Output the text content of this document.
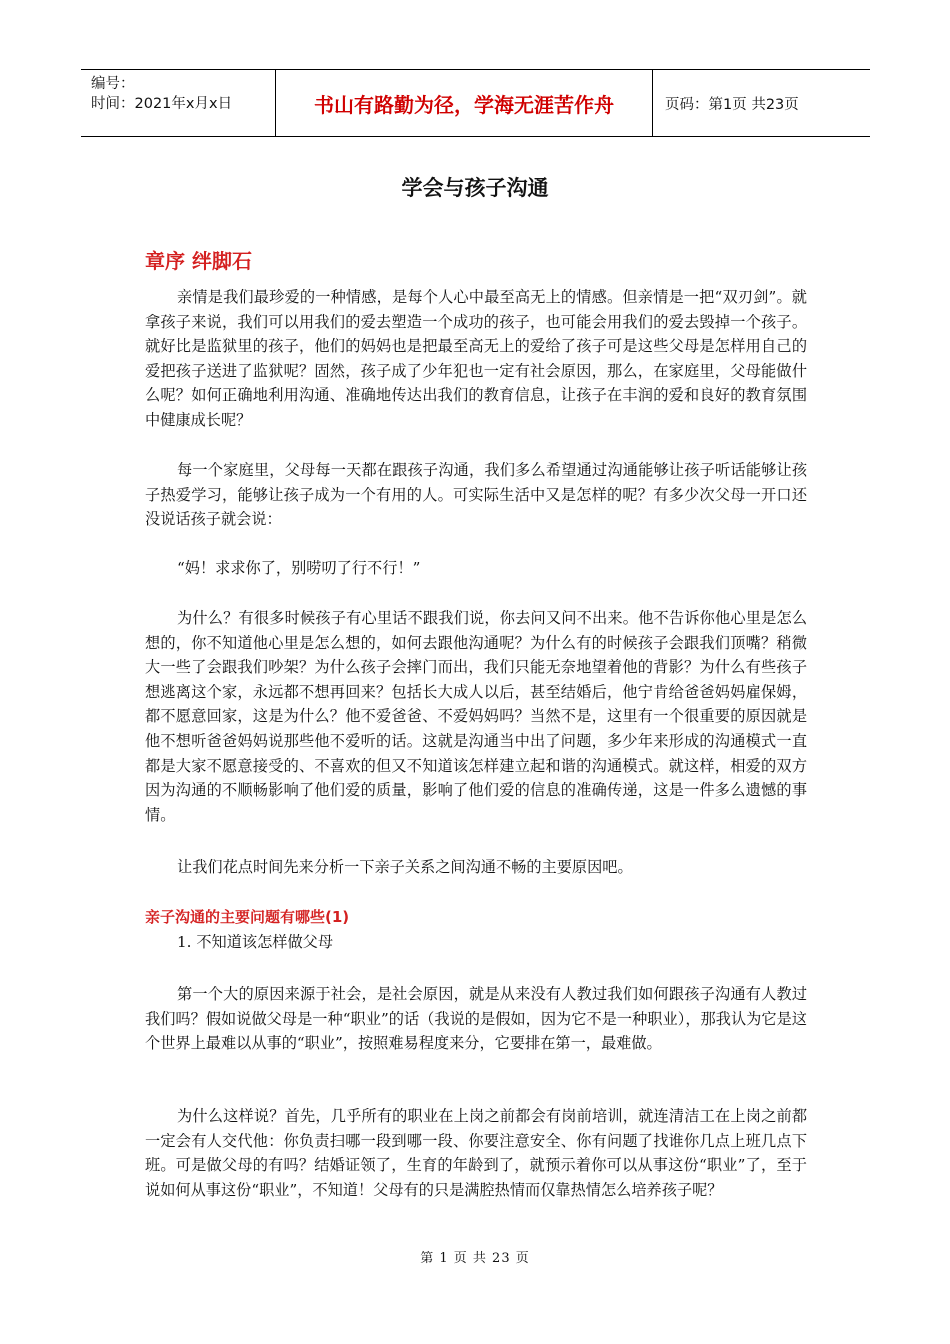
编号：
时间：2021年x月x日	书山有路勤为径，学海无涯苦作舟	页码：第1页 共23页
学会与孩子沟通
章序 绊脚石

亲情是我们最珍爱的一种情感，是每个人心中最至高无上的情感。但亲情是一把“双刃剑”。就拿孩子来说，我们可以用我们的爱去塑造一个成功的孩子，也可能会用我们的爱去毁掉一个孩子。就好比是监狱里的孩子，他们的妈妈也是把最至高无上的爱给了孩子可是这些父母是怎样用自己的爱把孩子送进了监狱呢？固然，孩子成了少年犯也一定有社会原因，那么，在家庭里，父母能做什么呢？如何正确地利用沟通、准确地传达出我们的教育信息，让孩子在丰润的爱和良好的教育氛围中健康成长呢？

每一个家庭里，父母每一天都在跟孩子沟通，我们多么希望通过沟通能够让孩子听话能够让孩子热爱学习，能够让孩子成为一个有用的人。可实际生活中又是怎样的呢？有多少次父母一开口还没说话孩子就会说：

“妈！求求你了，别唠叨了行不行！”

为什么？有很多时候孩子有心里话不跟我们说，你去问又问不出来。他不告诉你他心里是怎么想的，你不知道他心里是怎么想的，如何去跟他沟通呢？为什么有的时候孩子会跟我们顶嘴？稍微大一些了会跟我们吵架？为什么孩子会摔门而出，我们只能无奈地望着他的背影？为什么有些孩子想逃离这个家，永远都不想再回来？包括长大成人以后，甚至结婚后，他宁肯给爸爸妈妈雇保姆，都不愿意回家，这是为什么？他不爱爸爸、不爱妈妈吗？当然不是，这里有一个很重要的原因就是他不想听爸爸妈妈说那些他不爱听的话。这就是沟通当中出了问题，多少年来形成的沟通模式一直都是大家不愿意接受的、不喜欢的但又不知道该怎样建立起和谐的沟通模式。就这样，相爱的双方因为沟通的不顺畅影响了他们爱的质量，影响了他们爱的信息的准确传递，这是一件多么遗憾的事情。

让我们花点时间先来分析一下亲子关系之间沟通不畅的主要原因吧。

亲子沟通的主要问题有哪些(1)
1. 不知道该怎样做父母

第一个大的原因来源于社会，是社会原因，就是从来没有人教过我们如何跟孩子沟通有人教过我们吗？假如说做父母是一种“职业”的话（我说的是假如，因为它不是一种职业），那我认为它是这个世界上最难以从事的“职业”，按照难易程度来分，它要排在第一，最难做。

为什么这样说？首先，几乎所有的职业在上岗之前都会有岗前培训，就连清洁工在上岗之前都一定会有人交代他：你负责扫哪一段到哪一段、你要注意安全、你有问题了找谁你几点上班几点下班。可是做父母的有吗？结婚证领了，生育的年龄到了，就预示着你可以从事这份“职业”了，至于说如何从事这份“职业”，不知道！父母有的只是满腔热情而仅靠热情怎么培养孩子呢？

第 1 页 共 23 页
